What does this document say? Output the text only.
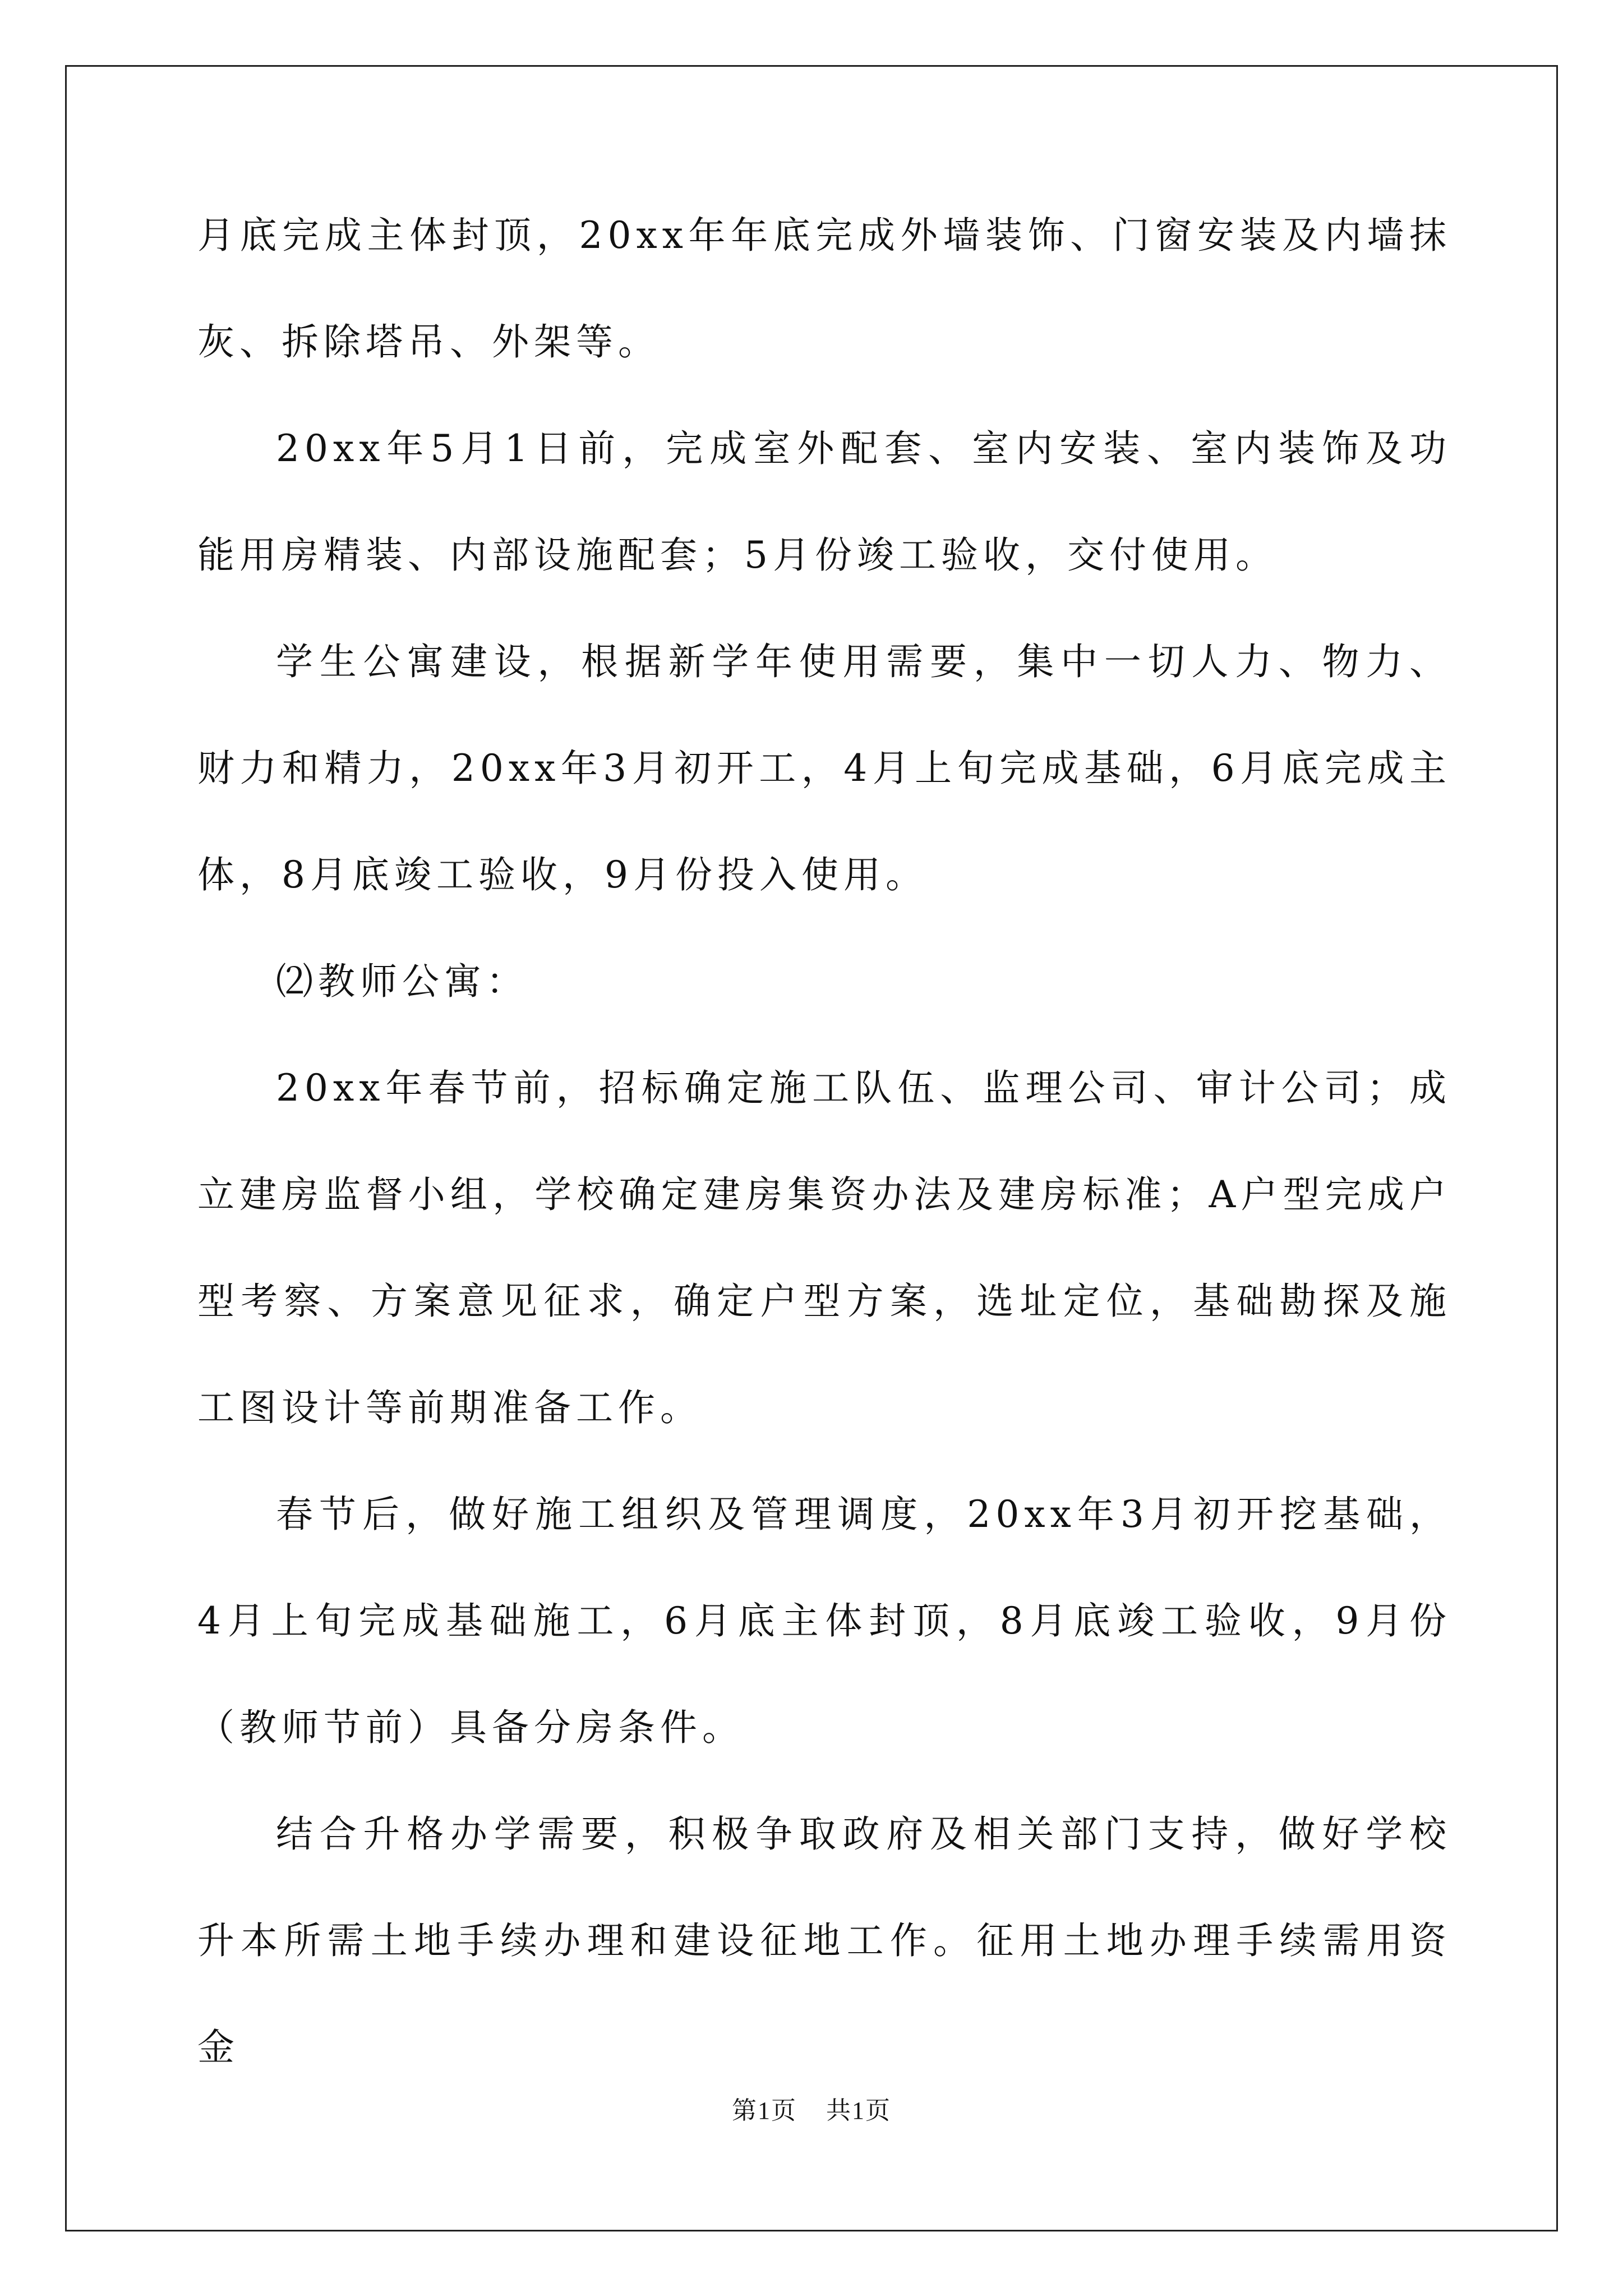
月底完成主体封顶，20xx年年底完成外墙装饰、门窗安装及内墙抹灰、拆除塔吊、外架等。

20xx年5月1日前，完成室外配套、室内安装、室内装饰及功能用房精装、内部设施配套；5月份竣工验收，交付使用。

学生公寓建设，根据新学年使用需要，集中一切人力、物力、财力和精力，20xx年3月初开工，4月上旬完成基础，6月底完成主体，8月底竣工验收，9月份投入使用。

⑵教师公寓：

20xx年春节前，招标确定施工队伍、监理公司、审计公司；成立建房监督小组，学校确定建房集资办法及建房标准；A户型完成户型考察、方案意见征求，确定户型方案，选址定位，基础勘探及施工图设计等前期准备工作。

春节后，做好施工组织及管理调度，20xx年3月初开挖基础，4月上旬完成基础施工，6月底主体封顶，8月底竣工验收，9月份（教师节前）具备分房条件。

结合升格办学需要，积极争取政府及相关部门支持，做好学校升本所需土地手续办理和建设征地工作。征用土地办理手续需用资金

第1页 共1页
